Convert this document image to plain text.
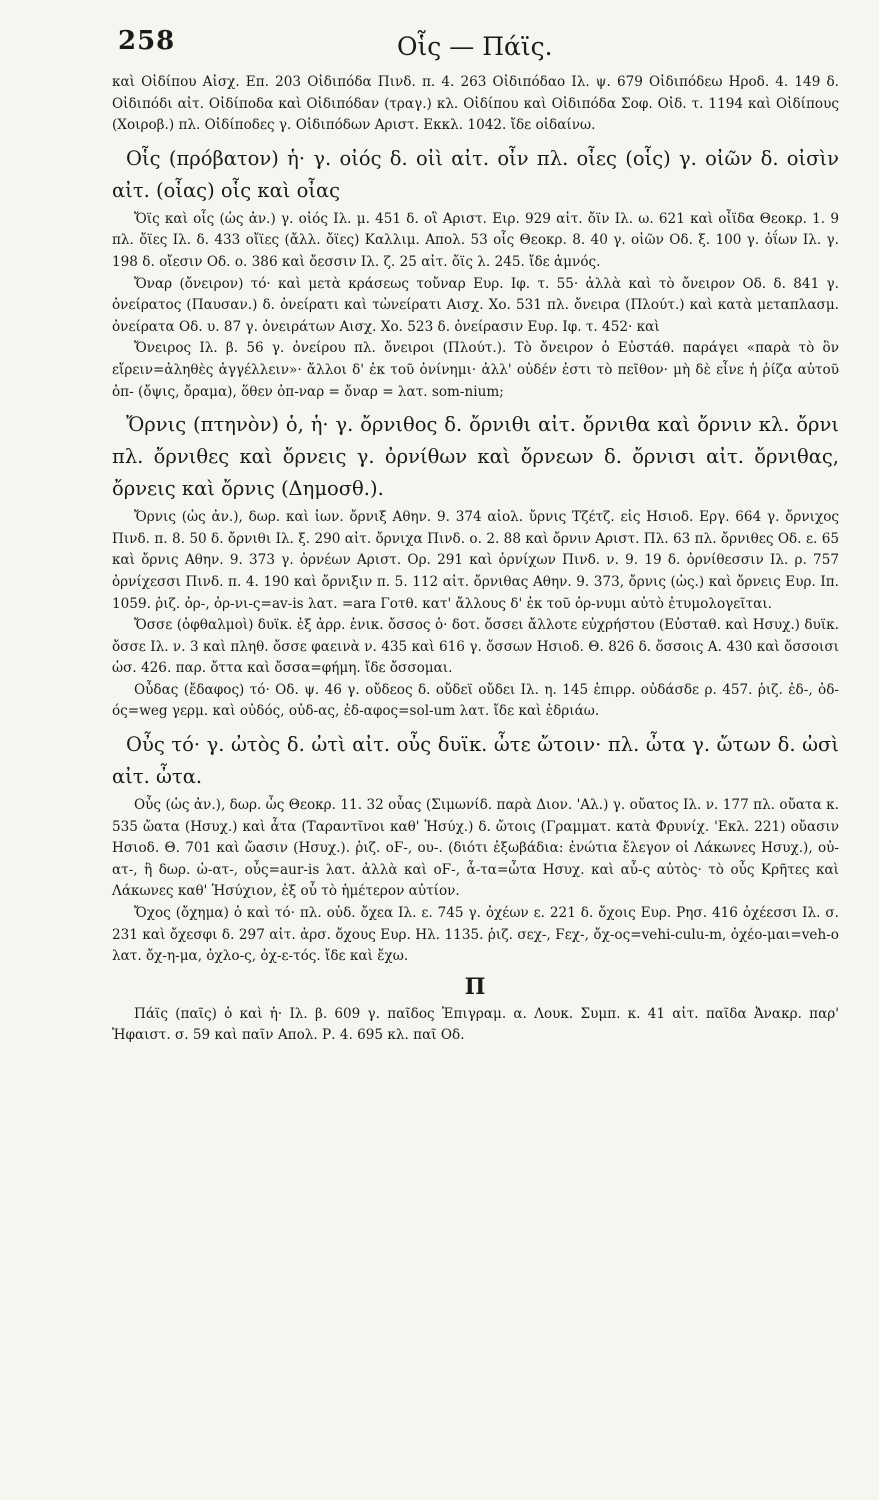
258	Οἷς — Πάϊς.

καὶ Οἰδίπου Αἰσχ. Επ. 203 Οἰδιπόδα Πινδ. π. 4. 263 Οἰδιπόδαο Ιλ. ψ. 679 Οἰδιπόδεω Ηροδ. 4. 149 δ. Οἰδιπόδι αἰτ. Οἰδίποδα καὶ Οἰδιπόδαν (τραγ.) κλ. Οἰδίπου καὶ Οἰδιπόδα Σοφ. Οἰδ. τ. 1194 καὶ Οἰδίπους (Χοιροβ.) πλ. Οἰδίποδες γ. Οἰδιπόδων Αριστ. Εκκλ. 1042. ἴδε οἰδαίνω.

Οἷς (πρόβατον) ἡ· γ. οἰός δ. οἰὶ αἰτ. οἶν πλ. οἶες (οἷς) γ. οἰῶν δ. οἰσὶν αἰτ. (οἶας) οἷς καὶ οἶας

Ὄϊς καὶ οἷς (ὡς ἀν.) γ. οἰός Ιλ. μ. 451 δ. οἲ Αριστ. Ειρ. 929 αἰτ. ὄϊν Ιλ. ω. 621 καὶ οἶϊδα Θεοκρ. 1. 9 πλ. ὄϊες Ιλ. δ. 433 οἴϊες (ἄλλ. ὄϊες) Καλλιμ. Απολ. 53 οἷς Θεοκρ. 8. 40 γ. οἰῶν Οδ. ξ. 100 γ. ὀΐων Ιλ. γ. 198 δ. οἴεσιν Οδ. ο. 386 καὶ ὄεσσιν Ιλ. ζ. 25 αἰτ. ὄϊς λ. 245. ἴδε ἀμνός.

Ὄναρ (ὄνειρον) τό· καὶ μετὰ κράσεως τοὔναρ Ευρ. Ιφ. τ. 55· ἀλλὰ καὶ τὸ ὄνειρον Οδ. δ. 841 γ. ὀνείρατος (Παυσαν.) δ. ὀνείρατι καὶ τὠνείρατι Αισχ. Χο. 531 πλ. ὄνειρα (Πλούτ.) καὶ κατὰ μεταπλασμ. ὀνείρατα Οδ. υ. 87 γ. ὀνειράτων Αισχ. Χο. 523 δ. ὀνείρασιν Ευρ. Ιφ. τ. 452· καὶ

Ὄνειρος Ιλ. β. 56 γ. ὀνείρου πλ. ὄνειροι (Πλούτ.). Τὸ ὄνειρον ὁ Εὐστάθ. παράγει «παρὰ τὸ ὂν εἴρειν=ἀληθὲς ἀγγέλλειν»· ἄλλοι δ' ἐκ τοῦ ὀνίνημι· ἀλλ' οὐδέν ἐστι τὸ πεῖθον· μὴ δὲ εἶνε ἡ ῥίζα αὐτοῦ ὀπ- (ὄψις, ὄραμα), ὅθεν ὀπ-ναρ = ὄναρ = λατ. som-nium;

Ὄρνις (πτηνὸν) ὁ, ἡ· γ. ὄρνιθος δ. ὄρνιθι αἰτ. ὄρνιθα καὶ ὄρνιν κλ. ὄρνι πλ. ὄρνιθες καὶ ὄρνεις γ. ὀρνίθων καὶ ὄρνεων δ. ὄρνισι αἰτ. ὄρνιθας, ὄρνεις καὶ ὄρνις (Δημοσθ.).

Ὄρνις (ὡς ἀν.), δωρ. καὶ ἰων. ὄρνιξ Αθην. 9. 374 αἰολ. ὔρνις Τζέτζ. εἰς Ησιοδ. Εργ. 664 γ. ὄρνιχος Πινδ. π. 8. 50 δ. ὄρνιθι Ιλ. ξ. 290 αἰτ. ὄρνιχα Πινδ. ο. 2. 88 καὶ ὄρνιν Αριστ. Πλ. 63 πλ. ὄρνιθες Οδ. ε. 65 καὶ ὄρνις Αθην. 9. 373 γ. ὀρνέων Αριστ. Ορ. 291 καὶ ὀρνίχων Πινδ. ν. 9. 19 δ. ὀρνίθεσσιν Ιλ. ρ. 757 ὀρνίχεσσι Πινδ. π. 4. 190 καὶ ὄρνιξιν π. 5. 112 αἰτ. ὄρνιθας Αθην. 9. 373, ὄρνις (ὡς.) καὶ ὄρνεις Ευρ. Ιπ. 1059. ῥιζ. ὀρ-, ὀρ-νι-ς=av-is λατ. =ara Γοτθ. κατ' ἄλλους δ' ἐκ τοῦ ὀρ-νυμι αὐτὸ ἐτυμολογεῖται.

Ὄσσε (ὀφθαλμοὶ) δυϊκ. ἐξ ἀρρ. ἑνικ. ὄσσος ὁ· δοτ. ὄσσει ἄλλοτε εὐχρήστου (Εὐσταθ. καὶ Ησυχ.) δυϊκ. ὄσσε Ιλ. ν. 3 καὶ πληθ. ὄσσε φαεινὰ ν. 435 καὶ 616 γ. ὄσσων Ησιοδ. Θ. 826 δ. ὄσσοις Α. 430 καὶ ὄσσοισι ὡσ. 426. παρ. ὄττα καὶ ὄσσα=φήμη. ἴδε ὄσσομαι.

Οὖδας (ἔδαφος) τό· Οδ. ψ. 46 γ. οὔδεος δ. οὔδεϊ οὔδει Ιλ. η. 145 ἐπιρρ. οὐδάσδε ρ. 457. ῥιζ. ἐδ-, ὀδ-ός=weg γερμ. καὶ οὐδός, οὐδ-ας, ἐδ-αφος=sol-um λατ. ἴδε καὶ ἑδριάω.

Οὖς τό· γ. ὠτὸς δ. ὠτὶ αἰτ. οὖς δυϊκ. ὦτε ὤτοιν· πλ. ὦτα γ. ὤτων δ. ὠσὶ αἰτ. ὦτα.

Οὖς (ὡς ἀν.), δωρ. ὦς Θεοκρ. 11. 32 οὖας (Σιμωνίδ. παρὰ Διον. 'Αλ.) γ. οὔατος Ιλ. ν. 177 πλ. οὔατα κ. 535 ὤατα (Ησυχ.) καὶ ἆτα (Ταραντῖνοι καθ' Ἡσύχ.) δ. ὤτοις (Γραμματ. κατὰ Φρυνίχ. 'Εκλ. 221) οὔασιν Ησιοδ. Θ. 701 καὶ ὤασιν (Ησυχ.). ῥιζ. οϜ-, ου-. (διότι ἐξωβάδια: ἐνώτια ἔλεγον οἱ Λάκωνες Ησυχ.), οὐ-ατ-, ἣ δωρ. ὠ-ατ-, οὖς=aur-is λατ. ἀλλὰ καὶ οϜ-, ἆ-τα=ὦτα Ησυχ. καὶ αὖ-ς αὐτὸς· τὸ οὖς Κρῆτες καὶ Λάκωνες καθ' Ἡσύχιον, ἐξ οὗ τὸ ἡμέτερον αὐτίον.

Ὄχος (ὄχημα) ὁ καὶ τό· πλ. οὐδ. ὄχεα Ιλ. ε. 745 γ. ὀχέων ε. 221 δ. ὄχοις Ευρ. Ρησ. 416 ὀχέεσσι Ιλ. σ. 231 καὶ ὄχεσφι δ. 297 αἰτ. ἀρσ. ὄχους Ευρ. Ηλ. 1135. ῥιζ. σεχ-, Ϝεχ-, ὄχ-ος=vehi-culu-m, ὀχέο-μαι=veh-o λατ. ὄχ-η-μα, ὀχλο-ς, ὀχ-ε-τός. ἴδε καὶ ἔχω.

Π

Πάϊς (παῖς) ὁ καὶ ἡ· Ιλ. β. 609 γ. παῖδος Ἐπιγραμ. α. Λουκ. Συμπ. κ. 41 αἰτ. παῖδα Ἀνακρ. παρ' Ἡφαιστ. σ. 59 καὶ παῖν Απολ. Ρ. 4. 695 κλ. παῖ Οδ.
